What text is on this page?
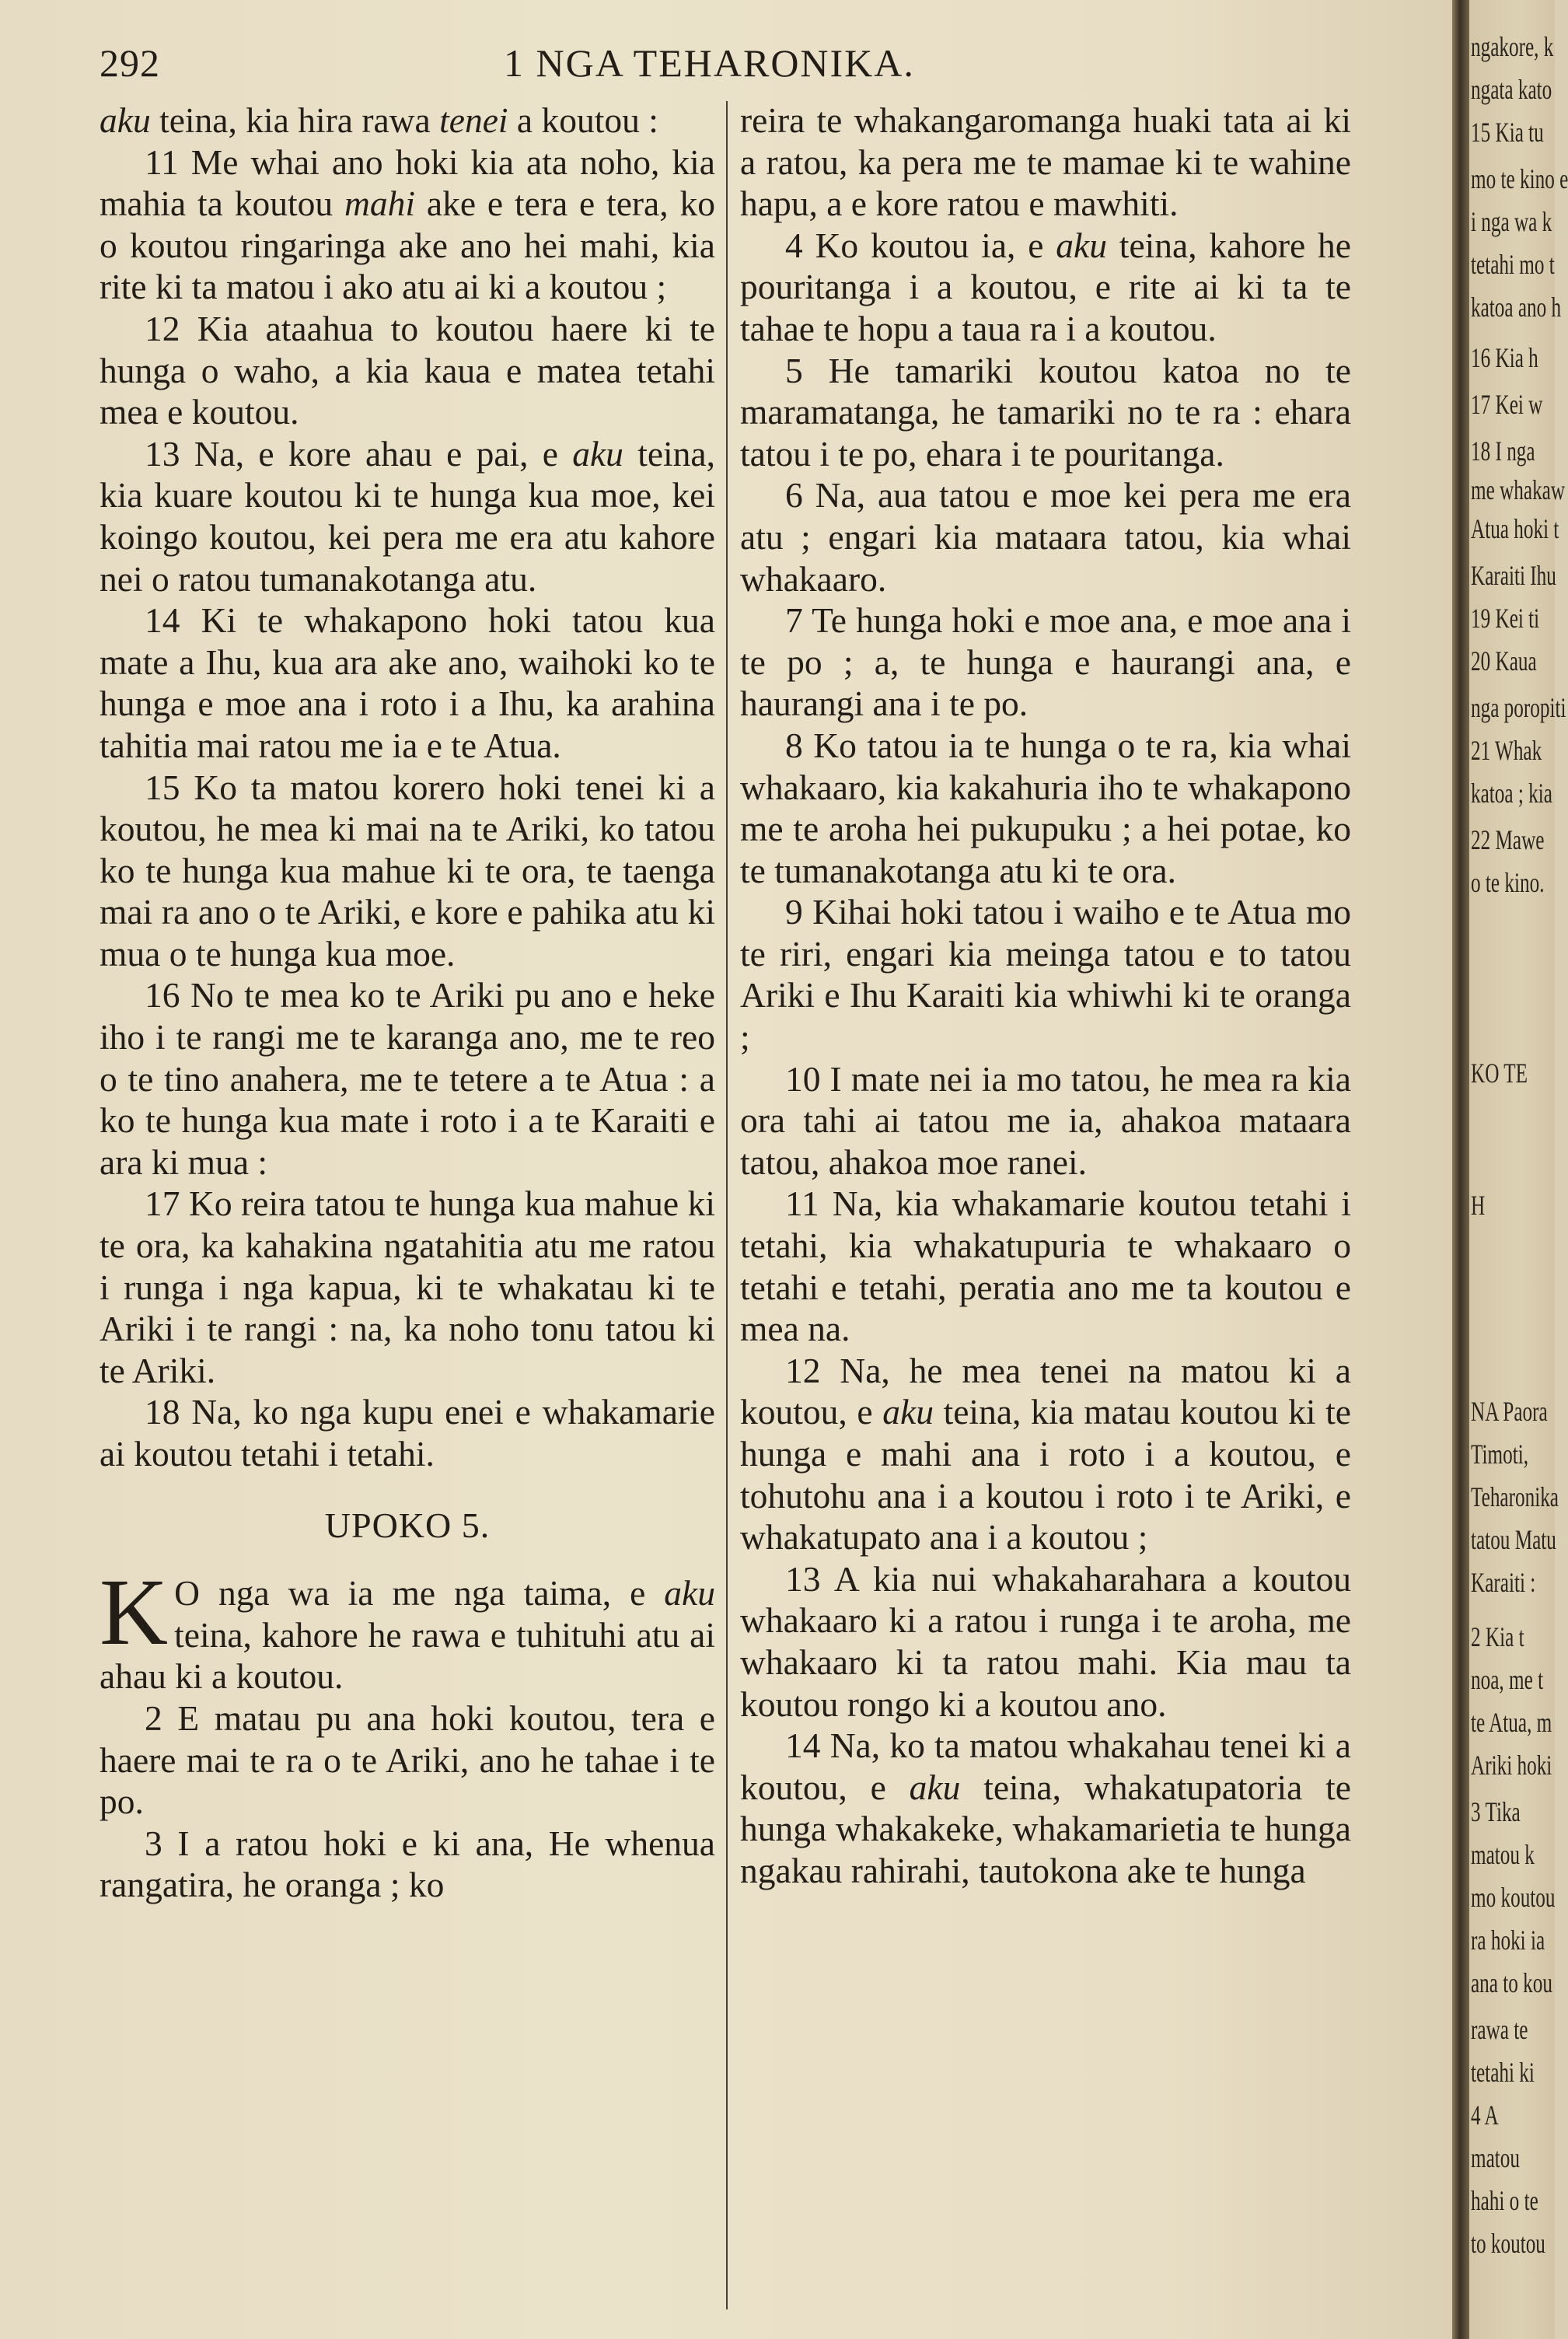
292	1 NGA TEHARONIKA.

aku teina, kia hira rawa tenei a koutou :

11 Me whai ano hoki kia ata noho, kia mahia ta koutou mahi ake e tera e tera, ko o koutou ringaringa ake ano hei mahi, kia rite ki ta matou i ako atu ai ki a koutou ;

12 Kia ataahua to koutou haere ki te hunga o waho, a kia kaua e matea tetahi mea e koutou.

13 Na, e kore ahau e pai, e aku teina, kia kuare koutou ki te hunga kua moe, kei koingo koutou, kei pera me era atu kahore nei o ratou tumanakotanga atu.

14 Ki te whakapono hoki tatou kua mate a Ihu, kua ara ake ano, waihoki ko te hunga e moe ana i roto i a Ihu, ka arahina tahitia mai ratou me ia e te Atua.

15 Ko ta matou korero hoki tenei ki a koutou, he mea ki mai na te Ariki, ko tatou ko te hunga kua mahue ki te ora, te taenga mai ra ano o te Ariki, e kore e pahika atu ki mua o te hunga kua moe.

16 No te mea ko te Ariki pu ano e heke iho i te rangi me te karanga ano, me te reo o te tino anahera, me te tetere a te Atua : a ko te hunga kua mate i roto i a te Karaiti e ara ki mua :

17 Ko reira tatou te hunga kua mahue ki te ora, ka kahakina ngatahitia atu me ratou i runga i nga kapua, ki te whakatau ki te Ariki i te rangi : na, ka noho tonu tatou ki te Ariki.

18 Na, ko nga kupu enei e whakamarie ai koutou tetahi i tetahi.

UPOKO 5.

K O nga wa ia me nga taima, e aku teina, kahore he rawa e tuhituhi atu ai ahau ki a koutou.

2 E matau pu ana hoki koutou, tera e haere mai te ra o te Ariki, ano he tahae i te po.

3 I a ratou hoki e ki ana, He whenua rangatira, he oranga ; ko

reira te whakangaromanga huaki tata ai ki a ratou, ka pera me te mamae ki te wahine hapu, a e kore ratou e mawhiti.

4 Ko koutou ia, e aku teina, kahore he pouritanga i a koutou, e rite ai ki ta te tahae te hopu a taua ra i a koutou.

5 He tamariki koutou katoa no te maramatanga, he tamariki no te ra : ehara tatou i te po, ehara i te pouritanga.

6 Na, aua tatou e moe kei pera me era atu ; engari kia mataara tatou, kia whai whakaaro.

7 Te hunga hoki e moe ana, e moe ana i te po ; a, te hunga e haurangi ana, e haurangi ana i te po.

8 Ko tatou ia te hunga o te ra, kia whai whakaaro, kia kakahuria iho te whakapono me te aroha hei pukupuku ; a hei potae, ko te tumanakotanga atu ki te ora.

9 Kihai hoki tatou i waiho e te Atua mo te riri, engari kia meinga tatou e to tatou Ariki e Ihu Karaiti kia whiwhi ki te oranga ;

10 I mate nei ia mo tatou, he mea ra kia ora tahi ai tatou me ia, ahakoa mataara tatou, ahakoa moe ranei.

11 Na, kia whakamarie koutou tetahi i tetahi, kia whakatupuria te whakaaro o tetahi e tetahi, peratia ano me ta koutou e mea na.

12 Na, he mea tenei na matou ki a koutou, e aku teina, kia matau koutou ki te hunga e mahi ana i roto i a koutou, e tohutohu ana i a koutou i roto i te Ariki, e whakatupato ana i a koutou ;

13 A kia nui whakaharahara a koutou whakaaro ki a ratou i runga i te aroha, me whakaaro ki ta ratou mahi. Kia mau ta koutou rongo ki a koutou ano.

14 Na, ko ta matou whakahau tenei ki a koutou, e aku teina, whakatupatoria te hunga whakakeke, whakamarietia te hunga ngakau rahirahi, tautokona ake te hunga

ngakore, k
ngata kato
15 Kia tu
mo te kino e
i nga wa k
tetahi mo t
katoa ano h
16 Kia h
17 Kei w
18 I nga
me whakaw
Atua hoki t
Karaiti Ihu
19 Kei ti
20 Kaua
nga poropiti
21 Whak
katoa ; kia
22 Mawe
o te kino.
KO TE
H
NA Paora
Timoti,
Teharonika
tatou Matu
Karaiti :
2 Kia t
noa, me t
te Atua, m
Ariki hoki
3 Tika
matou k
mo koutou
ra hoki ia
ana to kou
rawa te
tetahi ki
4 A
matou
hahi o te
to koutou
